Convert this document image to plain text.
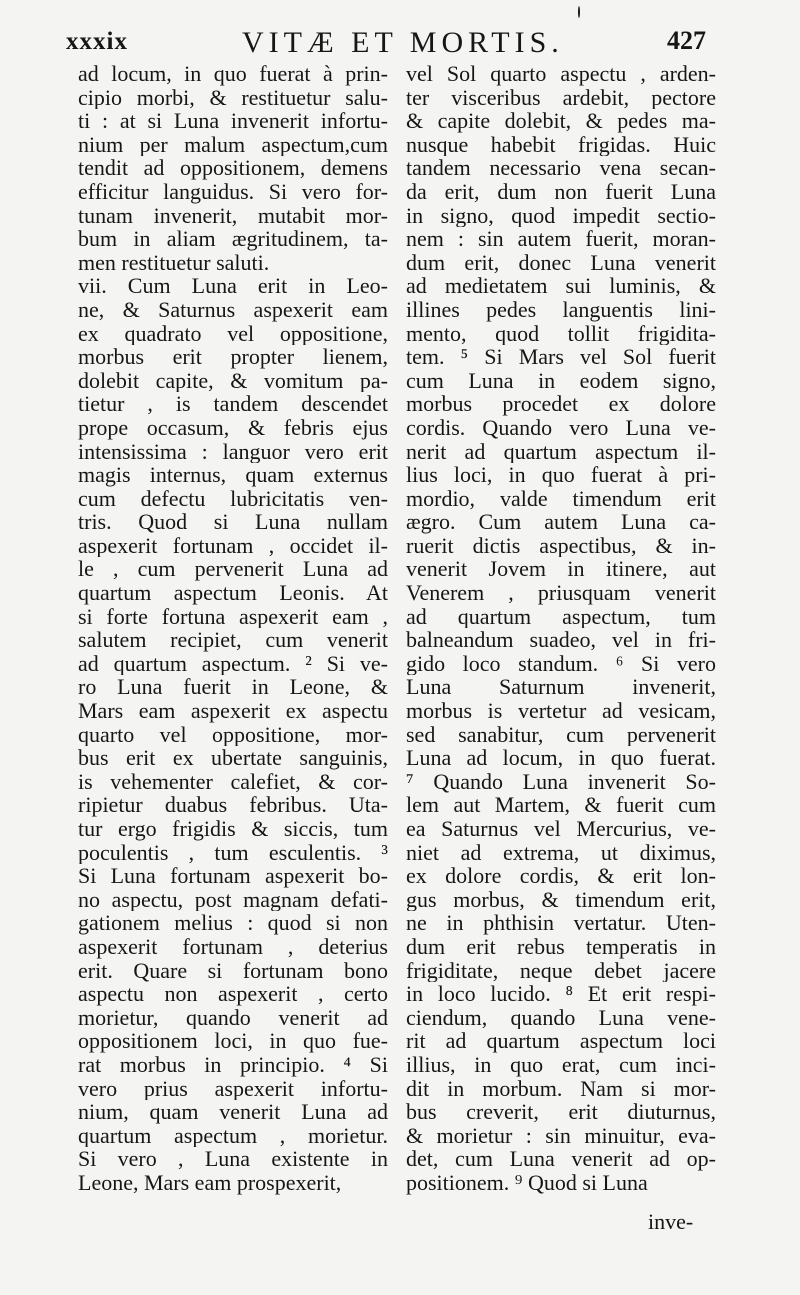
xxxix	VITÆ ET MORTIS.	427
ad locum, in quo fuerat à prin-
cipio morbi, & restituetur salu-
ti : at si Luna invenerit infortu-
nium per malum aspectum,cum
tendit ad oppositionem, demens
efficitur languidus. Si vero for-
tunam invenerit, mutabit mor-
bum in aliam ægritudinem, ta-
men restituetur saluti.
vii. Cum Luna erit in Leo-
ne, & Saturnus aspexerit eam
ex quadrato vel oppositione,
morbus erit propter lienem,
dolebit capite, & vomitum pa-
tietur , is tandem descendet
prope occasum, & febris ejus
intensissima : languor vero erit
magis internus, quam externus
cum defectu lubricitatis ven-
tris. Quod si Luna nullam
aspexerit fortunam , occidet il-
le , cum pervenerit Luna ad
quartum aspectum Leonis. At
si forte fortuna aspexerit eam ,
salutem recipiet, cum venerit
ad quartum aspectum. ² Si ve-
ro Luna fuerit in Leone, &
Mars eam aspexerit ex aspectu
quarto vel oppositione, mor-
bus erit ex ubertate sanguinis,
is vehementer calefiet, & cor-
ripietur duabus febribus. Uta-
tur ergo frigidis & siccis, tum
poculentis , tum esculentis. ³
Si Luna fortunam aspexerit bo-
no aspectu, post magnam defati-
gationem melius : quod si non
aspexerit fortunam , deterius
erit. Quare si fortunam bono
aspectu non aspexerit , certo
morietur, quando venerit ad
oppositionem loci, in quo fue-
rat morbus in principio. ⁴ Si
vero prius aspexerit infortu-
nium, quam venerit Luna ad
quartum aspectum , morietur.
Si vero , Luna existente in
Leone, Mars eam prospexerit,
vel Sol quarto aspectu , arden-
ter visceribus ardebit, pectore
& capite dolebit, & pedes ma-
nusque habebit frigidas. Huic
tandem necessario vena secan-
da erit, dum non fuerit Luna
in signo, quod impedit sectio-
nem : sin autem fuerit, moran-
dum erit, donec Luna venerit
ad medietatem sui luminis, &
illines pedes languentis lini-
mento, quod tollit frigidita-
tem. ⁵ Si Mars vel Sol fuerit
cum Luna in eodem signo,
morbus procedet ex dolore
cordis. Quando vero Luna ve-
nerit ad quartum aspectum il-
lius loci, in quo fuerat à pri-
mordio, valde timendum erit
ægro. Cum autem Luna ca-
ruerit dictis aspectibus, & in-
venerit Jovem in itinere, aut
Venerem , priusquam venerit
ad quartum aspectum, tum
balneandum suadeo, vel in fri-
gido loco standum. ⁶ Si vero
Luna Saturnum invenerit,
morbus is vertetur ad vesicam,
sed sanabitur, cum pervenerit
Luna ad locum, in quo fuerat.
⁷ Quando Luna invenerit So-
lem aut Martem, & fuerit cum
ea Saturnus vel Mercurius, ve-
niet ad extrema, ut diximus,
ex dolore cordis, & erit lon-
gus morbus, & timendum erit,
ne in phthisin vertatur. Uten-
dum erit rebus temperatis in
frigiditate, neque debet jacere
in loco lucido. ⁸ Et erit respi-
ciendum, quando Luna vene-
rit ad quartum aspectum loci
illius, in quo erat, cum inci-
dit in morbum. Nam si mor-
bus creverit, erit diuturnus,
& morietur : sin minuitur, eva-
det, cum Luna venerit ad op-
positionem. ⁹ Quod si Luna
inve-
